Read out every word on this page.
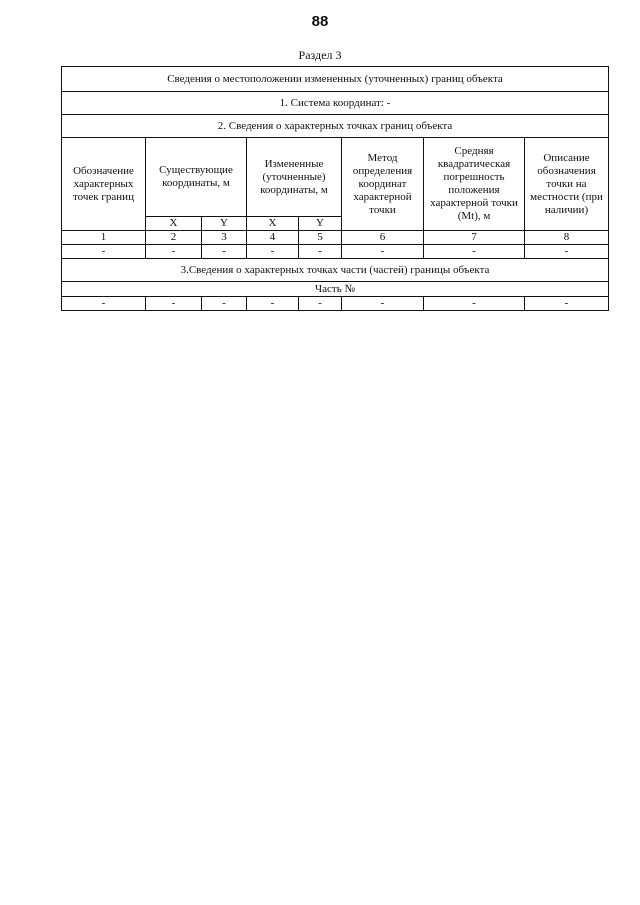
88
Раздел 3
Сведения о местоположении измененных (уточненных) границ объекта							
1. Система координат: -							
2. Сведения о характерных точках границ объекта							
Обозначение характерных точек границ	Существующие координаты, м		Измененные (уточненные) координаты, м		Метод определения координат характерной точки	Средняя квадратическая погрешность положения характерной точки (Mt), м	Описание обозначения точки на местности (при наличии)
	X	Y	X	Y			
1	2	3	4	5	6	7	8
-	-	-	-	-	-	-	-
3.Сведения о характерных точках части (частей) границы объекта							
Часть №							
-	-	-	-	-	-	-	-
